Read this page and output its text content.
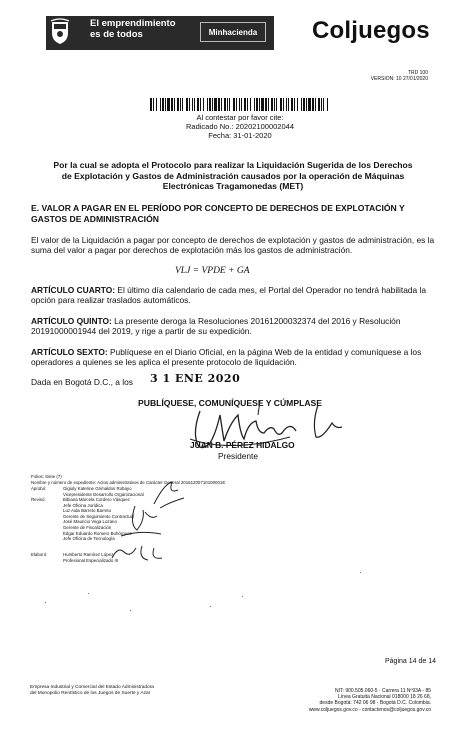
El emprendimiento
es de todos	Minhacienda	Coljuegos
TRD 100
VERSION: 10 27/01/2020
Al contestar por favor cite:
Radicado No.: 20202100002044
Fecha: 31-01-2020
Por la cual se adopta el Protocolo para realizar la Liquidación Sugerida de los Derechos de Explotación y Gastos de Administración causados por la operación de Máquinas Electrónicas Tragamonedas (MET)
E. VALOR A PAGAR EN EL PERÍODO POR CONCEPTO DE DERECHOS DE EXPLOTACIÓN Y GASTOS DE ADMINISTRACIÓN
El valor de la Liquidación a pagar por concepto de derechos de explotación y gastos de administración, es la suma del valor a pagar por derechos de explotación más los gastos de administración.
VLJ = VPDE + GA
ARTÍCULO CUARTO: El último día calendario de cada mes, el Portal del Operador no tendrá habilitada la opción para realizar traslados automáticos.
ARTÍCULO QUINTO: La presente deroga la Resoluciones 20161200032374 del 2016 y Resolución 20191000001944 del 2019, y rige a partir de su expedición.
ARTÍCULO SEXTO: Publíquese en el Diario Oficial, en la página Web de la entidad y comuníquese a los operadores a quienes se les aplica el presente protocolo de liquidación.
Dada en Bogotá D.C., a los 3 1 ENE 2020
PUBLÍQUESE, COMUNÍQUESE Y CÚMPLASE
JUAN B. PÉREZ HIDALGO
Presidente
Folios: Siete (7)
Nombre y número de expediente: Actos administrativos de Carácter General 20161200710100001E
Aprobó:	Gigioly Katerine Grimaldos Robayo
Vicepresidente Desarrollo Organizacional
Revisó:	Bibiana Marcela Cordero Vásquez
Jefe Oficina Jurídica
Luz Aida Barreto Barreto
Gerente de Seguimiento Contractual
José Mauricio Vega Lozano
Gerente de Fiscalización
Edgar Eduardo Romero Bohórquez
Jefe Oficina de Tecnología
Elaboró:	Humberto Ramírez López
Profesional Especializado III
Página 14 de 14
Empresa Industrial y Comercial del Estado Administradora
del Monopolio Rentístico de los Juegos de Suerte y Azar	NIT: 900.505.060-5 · Carrera 11 Nº93A - 85
Línea Gratuita Nacional 018000 18 26 68,
desde Bogotá: 742 06 98 - Bogotá D.C. Colombia.
www.coljuegos.gov.co - contactenos@coljuegos.gov.co
